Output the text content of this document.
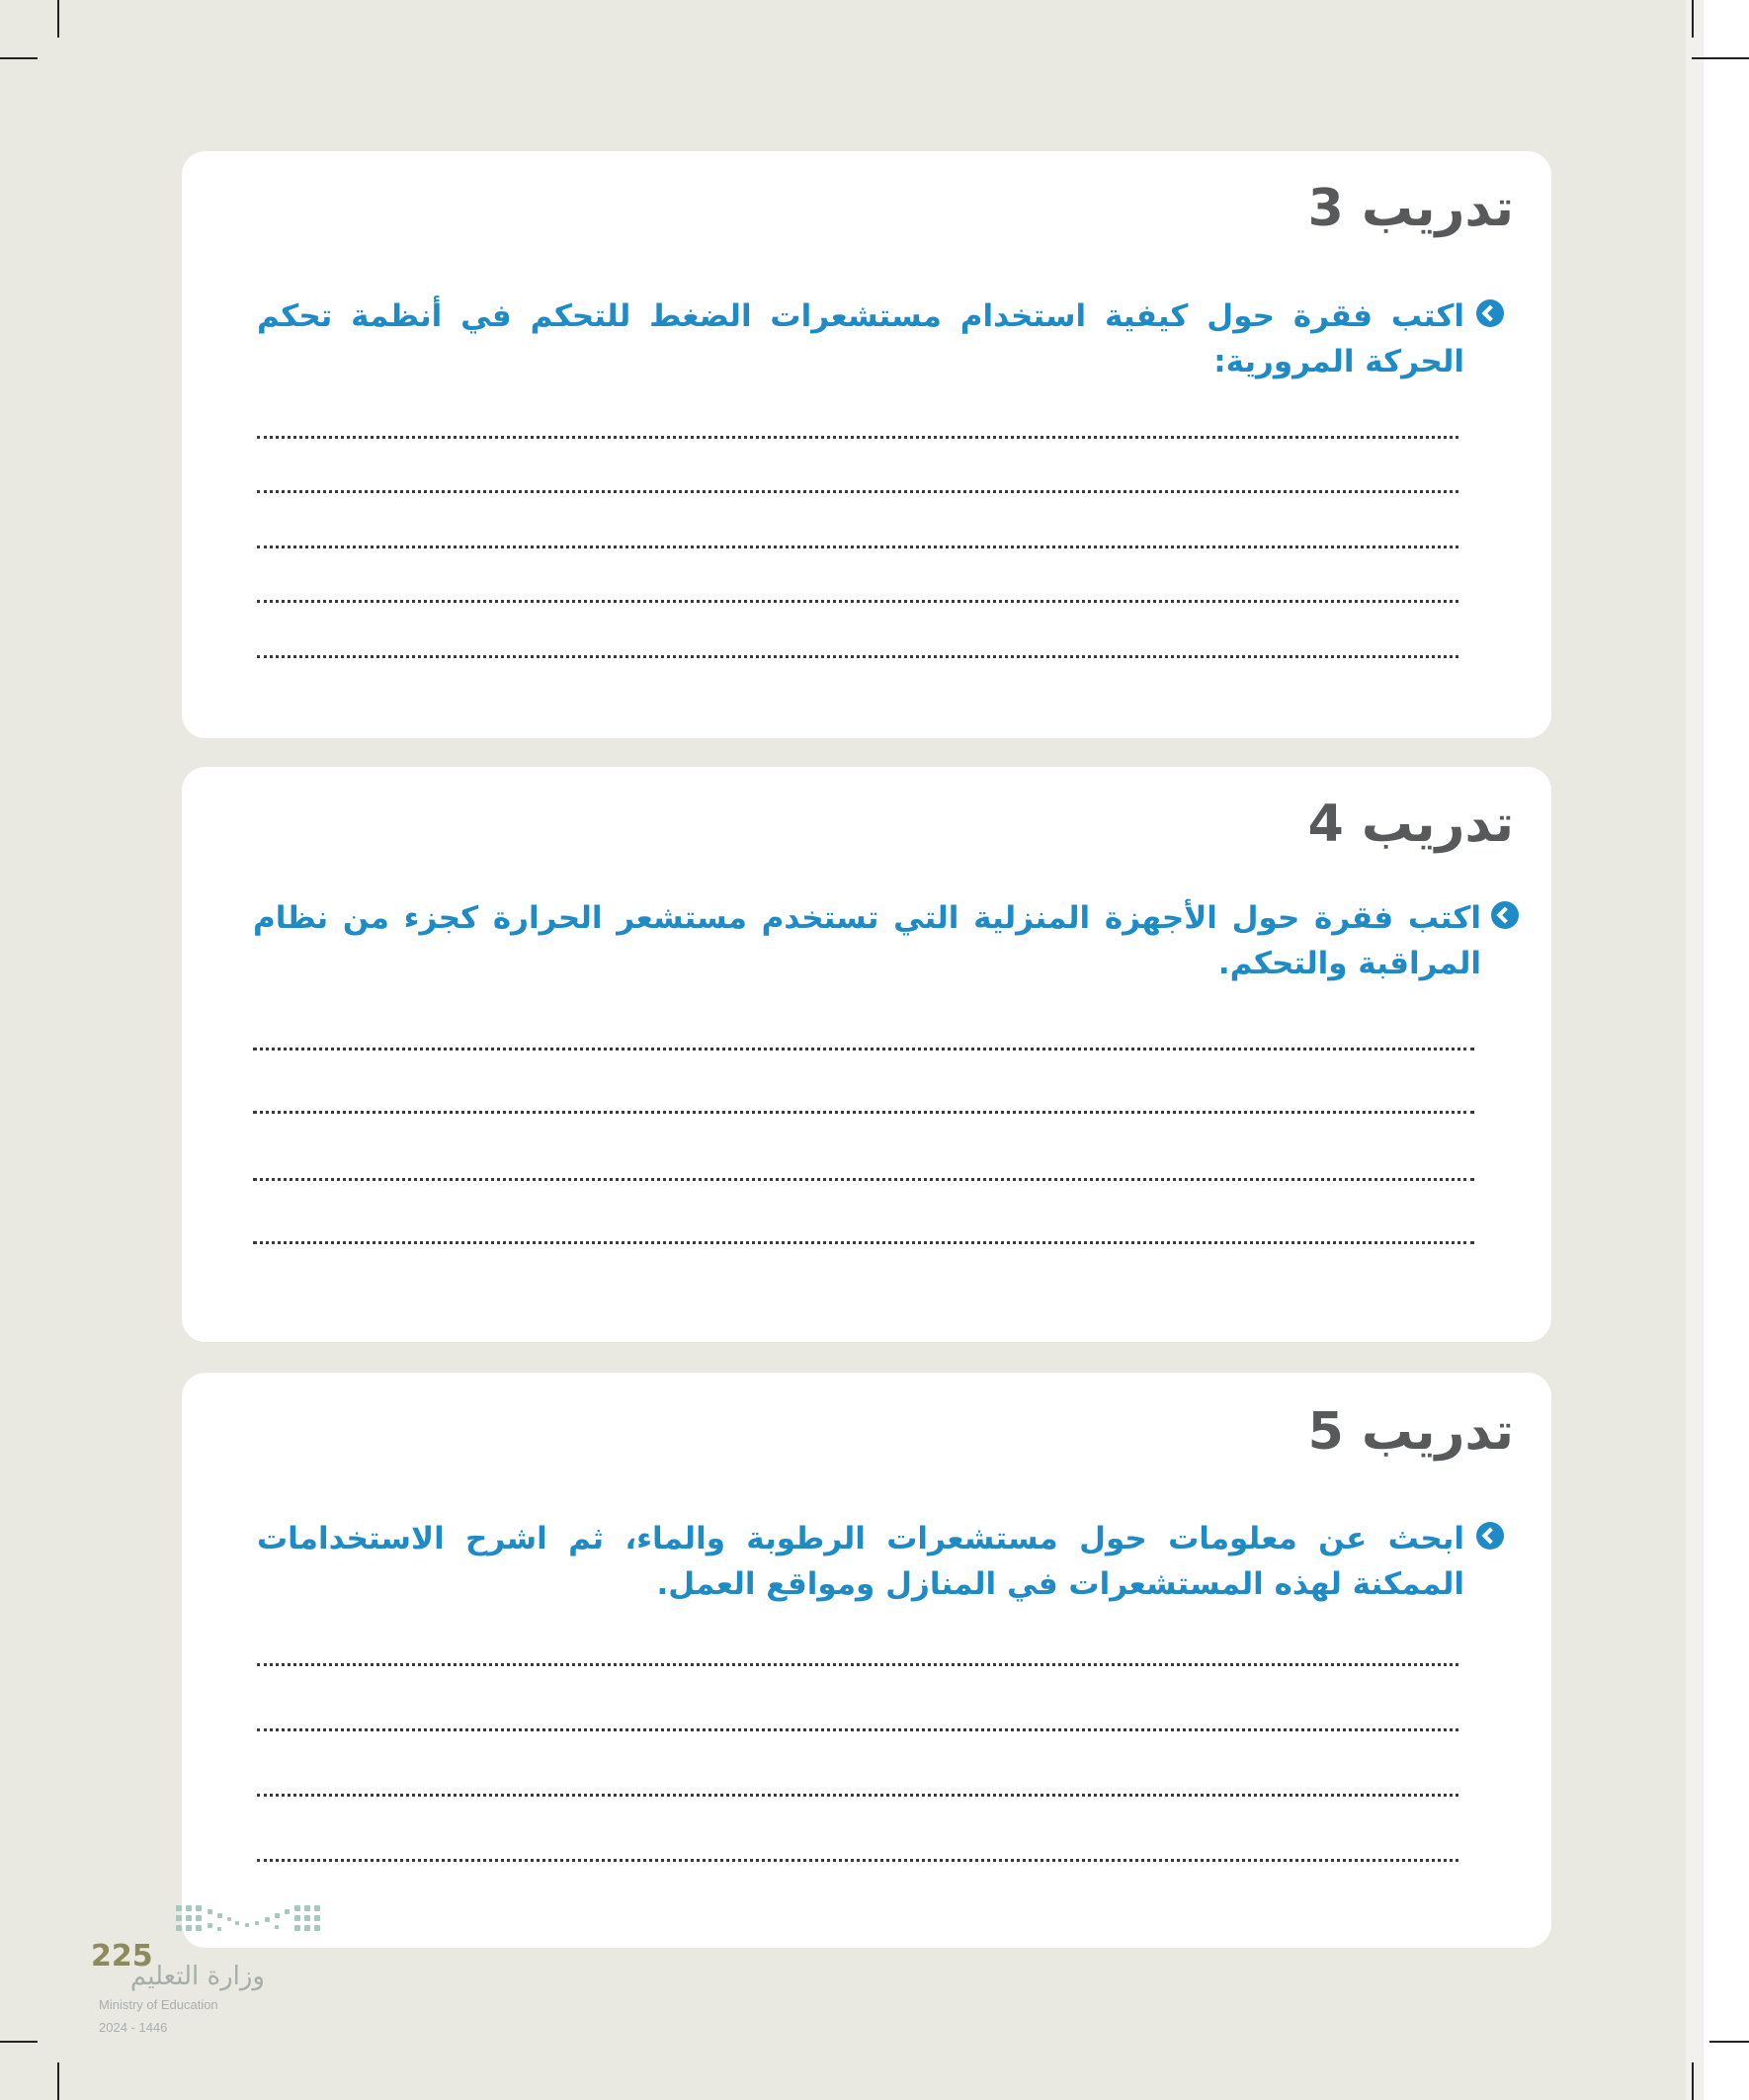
تدريب 3

اكتب فقرة حول كيفية استخدام مستشعرات الضغط للتحكم في أنظمة تحكم الحركة المرورية:

تدريب 4

اكتب فقرة حول الأجهزة المنزلية التي تستخدم مستشعر الحرارة كجزء من نظام المراقبة والتحكم.

تدريب 5

ابحث عن معلومات حول مستشعرات الرطوبة والماء، ثم اشرح الاستخدامات الممكنة لهذه المستشعرات في المنازل ومواقع العمل.

225
وزارة التعليم
Ministry of Education
2024 - 1446
